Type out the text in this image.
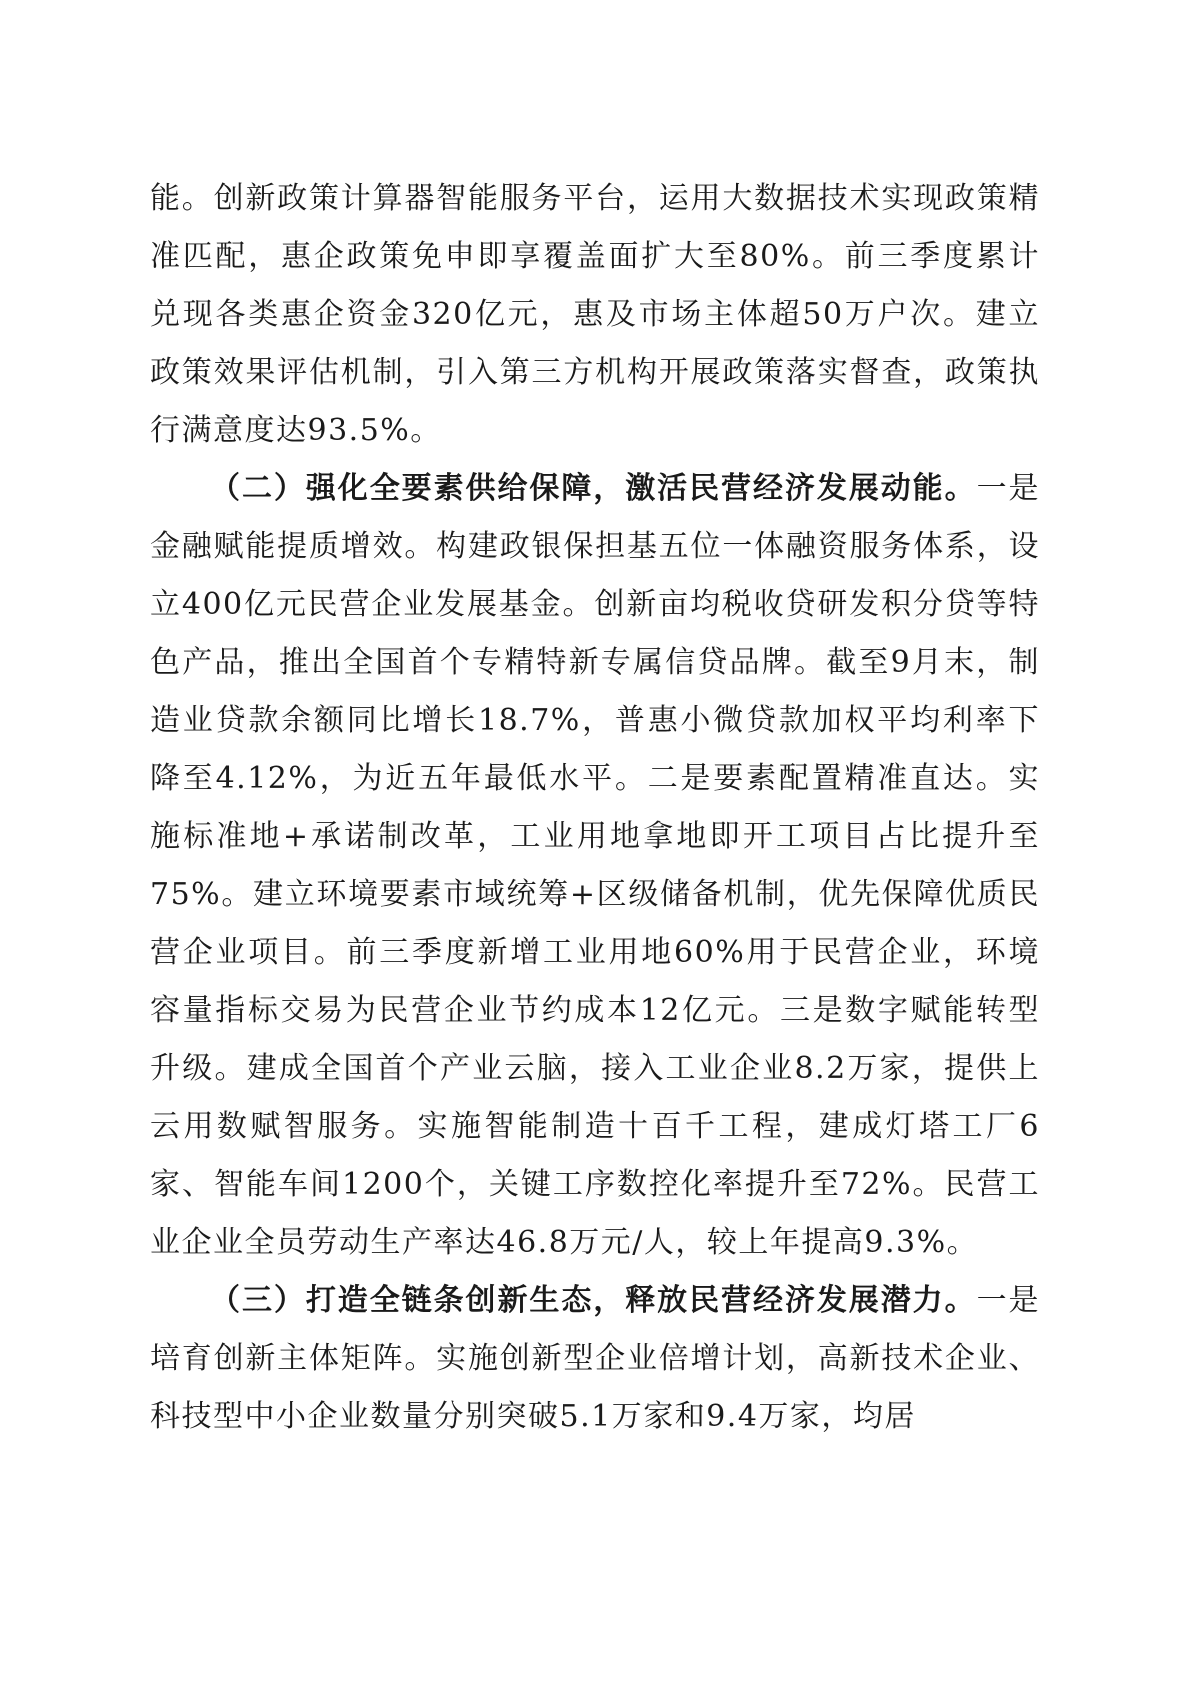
能。创新政策计算器智能服务平台，运用大数据技术实现政策精准匹配，惠企政策免申即享覆盖面扩大至80%。前三季度累计兑现各类惠企资金320亿元，惠及市场主体超50万户次。建立政策效果评估机制，引入第三方机构开展政策落实督查，政策执行满意度达93.5%。

（二）强化全要素供给保障，激活民营经济发展动能。一是金融赋能提质增效。构建政银保担基五位一体融资服务体系，设立400亿元民营企业发展基金。创新亩均税收贷研发积分贷等特色产品，推出全国首个专精特新专属信贷品牌。截至9月末，制造业贷款余额同比增长18.7%，普惠小微贷款加权平均利率下降至4.12%，为近五年最低水平。二是要素配置精准直达。实施标准地+承诺制改革，工业用地拿地即开工项目占比提升至75%。建立环境要素市域统筹+区级储备机制，优先保障优质民营企业项目。前三季度新增工业用地60%用于民营企业，环境容量指标交易为民营企业节约成本12亿元。三是数字赋能转型升级。建成全国首个产业云脑，接入工业企业8.2万家，提供上云用数赋智服务。实施智能制造十百千工程，建成灯塔工厂6家、智能车间1200个，关键工序数控化率提升至72%。民营工业企业全员劳动生产率达46.8万元/人，较上年提高9.3%。

（三）打造全链条创新生态，释放民营经济发展潜力。一是培育创新主体矩阵。实施创新型企业倍增计划，高新技术企业、科技型中小企业数量分别突破5.1万家和9.4万家，均居
